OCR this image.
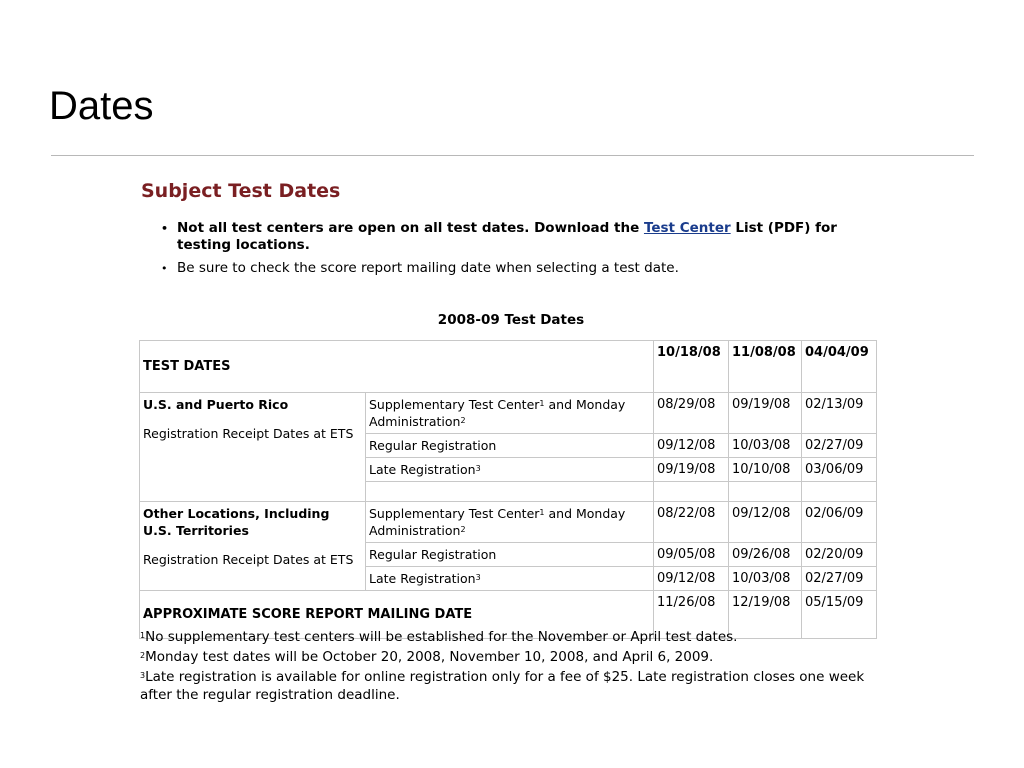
Dates
Subject Test Dates
• Not all test centers are open on all test dates. Download the Test Center List (PDF) for testing locations.
• Be sure to check the score report mailing date when selecting a test date.
2008-09 Test Dates
TEST DATES		10/18/08	11/08/08	04/04/09

U.S. and Puerto Rico
Registration Receipt Dates at ETS	Supplementary Test Center$^1$ and Monday Administration$^2$	08/29/08	09/19/08	02/13/09
	Regular Registration	09/12/08	10/03/08	02/27/09
	Late Registration$^3$	09/19/08	10/10/08	03/06/09

Other Locations, Including U.S. Territories
Registration Receipt Dates at ETS	Supplementary Test Center$^1$ and Monday Administration$^2$	08/22/08	09/12/08	02/06/09
	Regular Registration	09/05/08	09/26/08	02/20/09
	Late Registration$^3$	09/12/08	10/03/08	02/27/09
APPROXIMATE SCORE REPORT MAILING DATE		11/26/08	12/19/08	05/15/09

$^1$No supplementary test centers will be established for the November or April test dates.

$^2$Monday test dates will be October 20, 2008, November 10, 2008, and April 6, 2009.

$^3$Late registration is available for online registration only for a fee of $25. Late registration closes one week after the regular registration deadline.
